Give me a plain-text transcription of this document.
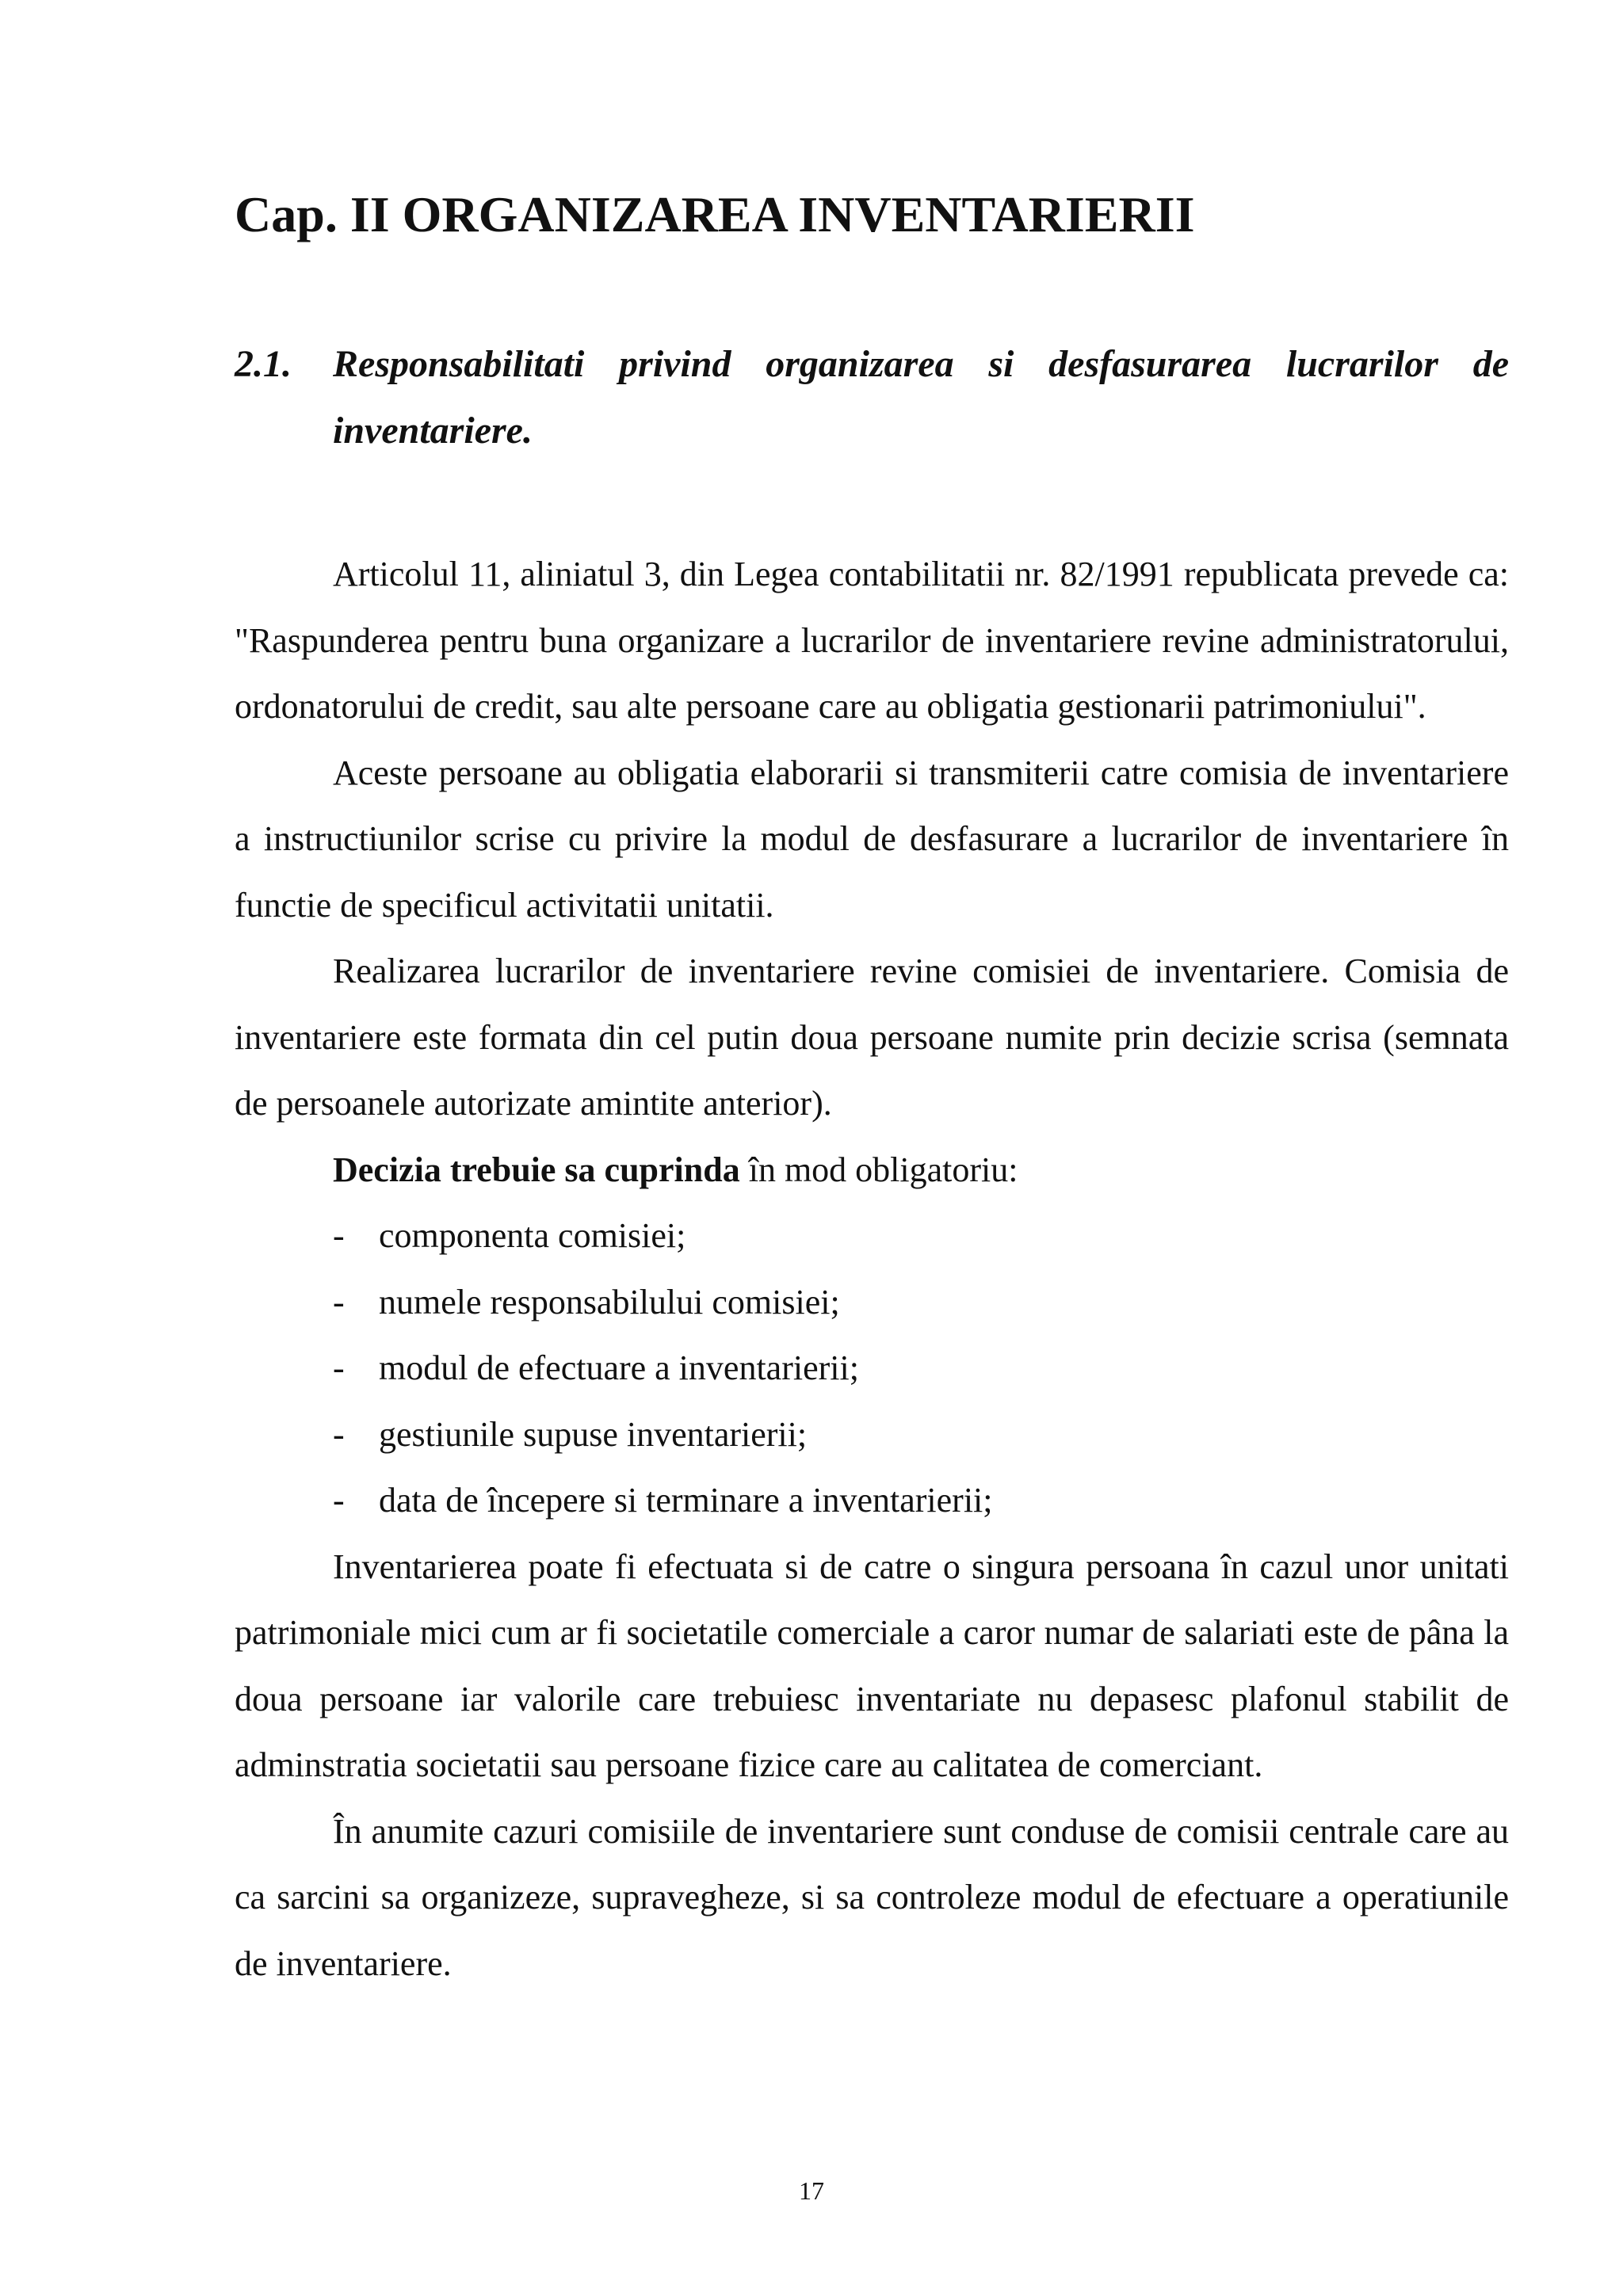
Cap. II ORGANIZAREA INVENTARIERII
2.1. Responsabilitati privind organizarea si desfasurarea lucrarilor de inventariere.

Articolul 11, aliniatul 3, din Legea contabilitatii nr. 82/1991 republicata prevede ca: "Raspunderea pentru buna organizare a lucrarilor de inventariere revine administratorului, ordonatorului de credit, sau alte persoane care au obligatia gestionarii patrimoniului".

Aceste persoane au obligatia elaborarii si transmiterii catre comisia de inventariere a instructiunilor scrise cu privire la modul de desfasurare a lucrarilor de inventariere în functie de specificul activitatii unitatii.

Realizarea lucrarilor de inventariere revine comisiei de inventariere. Comisia de inventariere este formata din cel putin doua persoane numite prin decizie scrisa (semnata de persoanele autorizate amintite anterior).

Decizia trebuie sa cuprinda în mod obligatoriu:

- componenta comisiei;
- numele responsabilului comisiei;
- modul de efectuare a inventarierii;
- gestiunile supuse inventarierii;
- data de începere si terminare a inventarierii;

Inventarierea poate fi efectuata si de catre o singura persoana în cazul unor unitati patrimoniale mici cum ar fi societatile comerciale a caror numar de salariati este de pâna la doua persoane iar valorile care trebuiesc inventariate nu depasesc plafonul stabilit de adminstratia societatii sau persoane fizice care au calitatea de comerciant.

În anumite cazuri comisiile de inventariere sunt conduse de comisii centrale care au ca sarcini sa organizeze, supravegheze, si sa controleze modul de efectuare a operatiunile de inventariere.

17
